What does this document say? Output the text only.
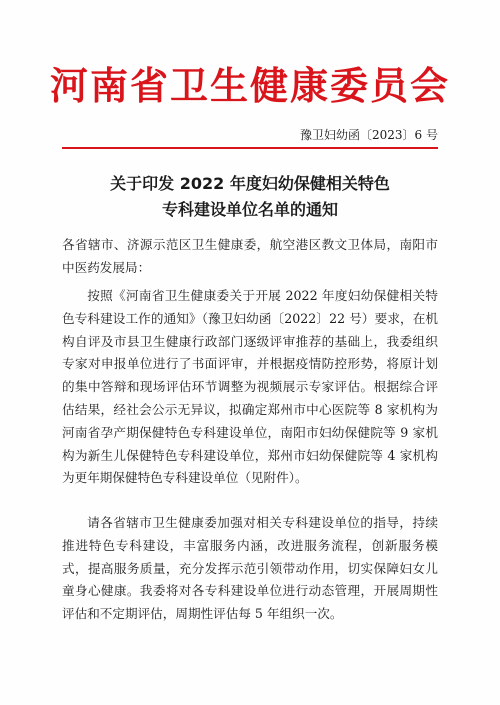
河南省卫生健康委员会
豫卫妇幼函〔2023〕6 号
关于印发 2022 年度妇幼保健相关特色
专科建设单位名单的通知
各省辖市、济源示范区卫生健康委，航空港区教文卫体局，南阳市中医药发展局：
按照《河南省卫生健康委关于开展 2022 年度妇幼保健相关特色专科建设工作的通知》（豫卫妇幼函〔2022〕22 号）要求，在机构自评及市县卫生健康行政部门逐级评审推荐的基础上，我委组织专家对申报单位进行了书面评审，并根据疫情防控形势，将原计划的集中答辩和现场评估环节调整为视频展示专家评估。根据综合评估结果，经社会公示无异议，拟确定郑州市中心医院等 8 家机构为河南省孕产期保健特色专科建设单位，南阳市妇幼保健院等 9 家机构为新生儿保健特色专科建设单位，郑州市妇幼保健院等 4 家机构为更年期保健特色专科建设单位（见附件）。
请各省辖市卫生健康委加强对相关专科建设单位的指导，持续推进特色专科建设，丰富服务内涵，改进服务流程，创新服务模式，提高服务质量，充分发挥示范引领带动作用，切实保障妇女儿童身心健康。我委将对各专科建设单位进行动态管理，开展周期性评估和不定期评估，周期性评估每 5 年组织一次。
